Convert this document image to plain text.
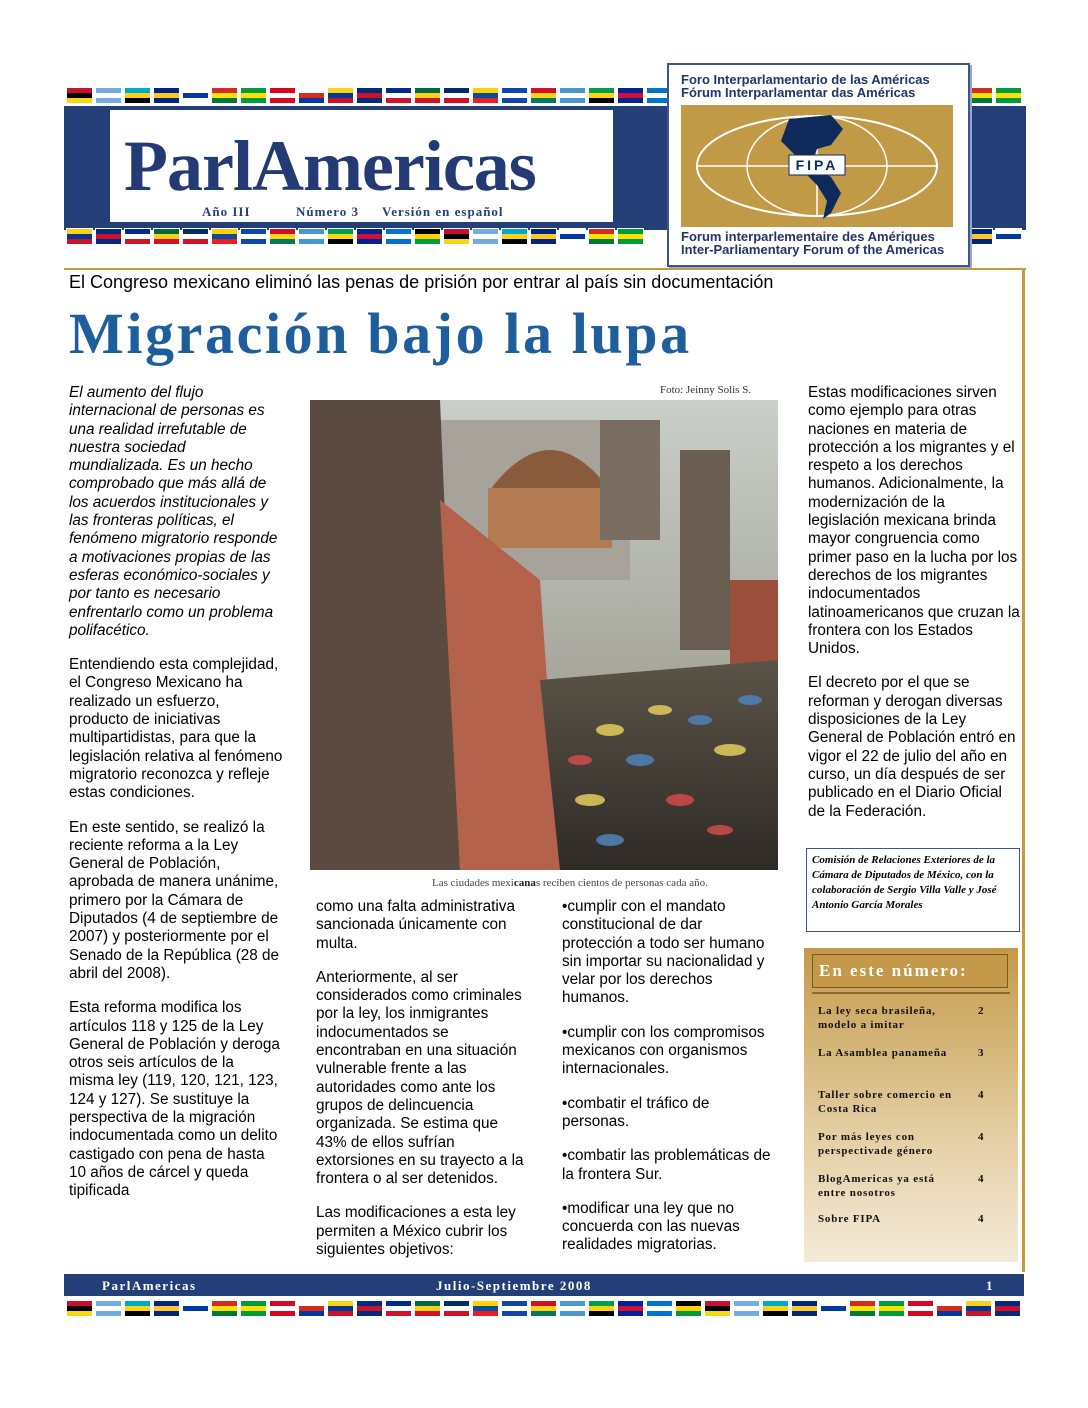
ParlAmericas
Año III	Número 3 Versión en español
Foro Interparlamentario de las Américas
Fórum Interparlamentar das Américas
FIPA
Forum interparlementaire des Amériques
Inter-Parliamentary Forum of the Americas
El Congreso mexicano eliminó las penas de prisión por entrar al país sin documentación
Migración bajo la lupa

El aumento del flujo internacional de personas es una realidad irrefutable de nuestra sociedad mundializada. Es un hecho comprobado que más allá de los acuerdos institucionales y las fronteras políticas, el fenómeno migratorio responde a motivaciones propias de las esferas económico-sociales y por tanto es necesario enfrentarlo como un problema polifacético.

Entendiendo esta complejidad, el Congreso Mexicano ha realizado un esfuerzo, producto de iniciativas multipartidistas, para que la legislación relativa al fenómeno migratorio reconozca y refleje estas condiciones.

En este sentido, se realizó la reciente reforma a la Ley General de Población, aprobada de manera unánime, primero por la Cámara de Diputados (4 de septiembre de 2007) y posteriormente por el Senado de la República (28 de abril del 2008).

Esta reforma modifica los artículos 118 y 125 de la Ley General de Población y deroga otros seis artículos de la misma ley (119, 120, 121, 123, 124 y 127). Se sustituye la perspectiva de la migración indocumentada como un delito castigado con pena de hasta 10 años de cárcel y queda tipificada

Foto: Jeinny Solis S.
Las ciudades mexicanas reciben cientos de personas cada año.

como una falta administrativa sancionada únicamente con multa.

Anteriormente, al ser considerados como criminales por la ley, los inmigrantes indocumentados se encontraban en una situación vulnerable frente a las autoridades como ante los grupos de delincuencia organizada. Se estima que 43% de ellos sufrían extorsiones en su trayecto a la frontera o al ser detenidos.

Las modificaciones a esta ley permiten a México cubrir los siguientes objetivos:

•cumplir con el mandato constitucional de dar protección a todo ser humano sin importar su nacionalidad y velar por los derechos humanos.

•cumplir con los compromisos mexicanos con organismos internacionales.

•combatir el tráfico de personas.

•combatir las problemáticas de la frontera Sur.

•modificar una ley que no concuerda con las nuevas realidades migratorias.

Estas modificaciones sirven como ejemplo para otras naciones en materia de protección a los migrantes y el respeto a los derechos humanos. Adicionalmente, la modernización de la legislación mexicana brinda mayor congruencia como primer paso en la lucha por los derechos de los migrantes indocumentados latinoamericanos que cruzan la frontera con los Estados Unidos.

El decreto por el que se reforman y derogan diversas disposiciones de la Ley General de Población entró en vigor el 22 de julio del año en curso, un día después de ser publicado en el Diario Oficial de la Federación.

Comisión de Relaciones Exteriores de la Cámara de Diputados de México, con la colaboración de Sergio Villa Valle y José Antonio García Morales
En este número:
La ley seca brasileña, modelo a imitar
2
La Asamblea panameña	3
Taller sobre comercio en Costa Rica
4
Por más leyes con perspectivade género
4
BlogAmericas ya está entre nosotros
4
Sobre FIPA	4
ParlAmericas	Julio-Septiembre 2008	1
